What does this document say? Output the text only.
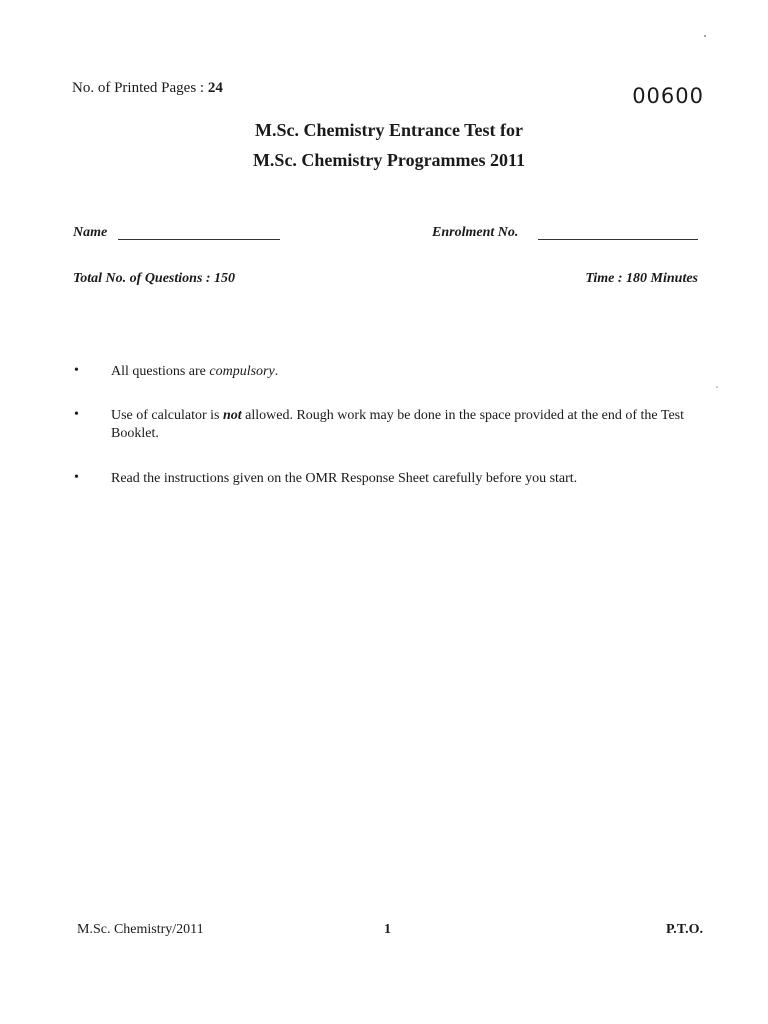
No. of Printed Pages : 24	00600
M.Sc. Chemistry Entrance Test for
M.Sc. Chemistry Programmes 2011
Name	Enrolment No.
Total No. of Questions : 150	Time : 180 Minutes
• All questions are compulsory.
• Use of calculator is not allowed. Rough work may be done in the space provided at the end of the Test Booklet.
• Read the instructions given on the OMR Response Sheet carefully before you start.
M.Sc. Chemistry/2011	1	P.T.O.
